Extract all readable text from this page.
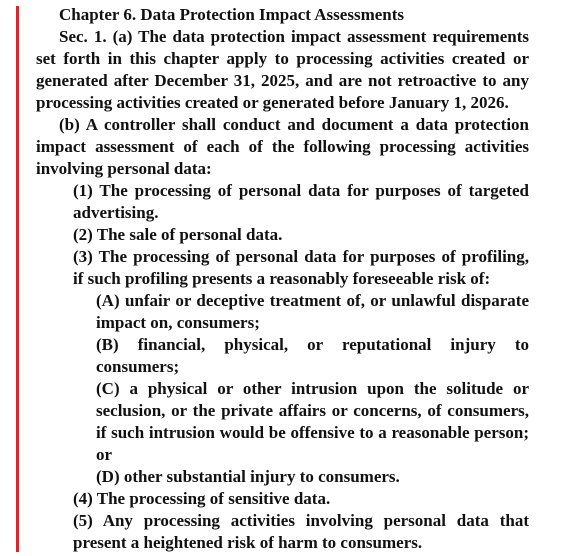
Chapter 6. Data Protection Impact Assessments
Sec. 1. (a) The data protection impact assessment requirements
set forth in this chapter apply to processing activities created or
generated after December 31, 2025, and are not retroactive to any
processing activities created or generated before January 1, 2026.
(b) A controller shall conduct and document a data protection
impact assessment of each of the following processing activities
involving personal data:
(1) The processing of personal data for purposes of targeted
advertising.
(2) The sale of personal data.
(3) The processing of personal data for purposes of profiling,
if such profiling presents a reasonably foreseeable risk of:
(A) unfair or deceptive treatment of, or unlawful disparate
impact on, consumers;
(B) financial, physical, or reputational injury to
consumers;
(C) a physical or other intrusion upon the solitude or
seclusion, or the private affairs or concerns, of consumers,
if such intrusion would be offensive to a reasonable person;
or
(D) other substantial injury to consumers.
(4) The processing of sensitive data.
(5) Any processing activities involving personal data that
present a heightened risk of harm to consumers.
